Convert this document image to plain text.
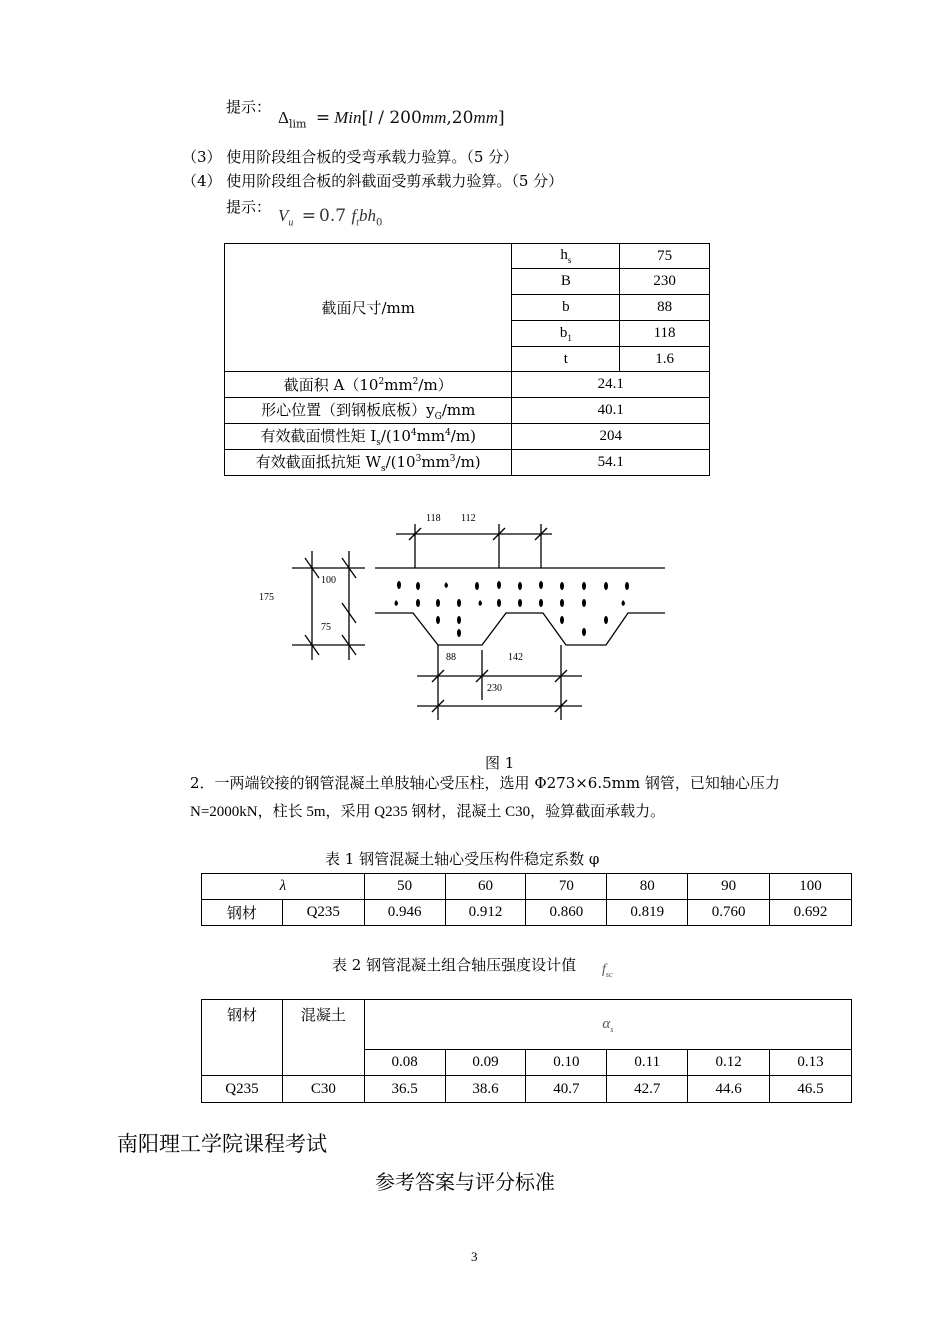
提示：
$\Delta_{lim} = Min[l / 200mm,20mm]$
（3） 使用阶段组合板的受弯承载力验算。（5 分）
（4） 使用阶段组合板的斜截面受剪承载力验算。（5 分）
提示： $V_u = 0.7$ $f_tbh_0$
截面尺寸/mm	$h_s$	75
	B	230
	b	88
	$b_1$	118
	t	1.6
截面积 $A(10^2mm^2/m)$	24.1	
形心位置（到钢板底板）$y_G/mm$	40.1	
有效截面惯性矩 $I_s/(10^4mm^4/m)$	204	
有效截面抵抗矩 $W_s/(10^3mm^3/m)$	54.1	
118 112
100
175
75
88	142
230
图 1
2．一两端铰接的钢管混凝土单肢轴心受压柱，选用 Φ273×6.5mm 钢管，已知轴心压力
N=2000kN，柱长 5m，采用 Q235 钢材，混凝土 C30，验算截面承载力。
表 1 钢管混凝土轴心受压构件稳定系数 φ
λ		50	60	70	80	90	100
钢材	Q235	0.946	0.912	0.860	0.819	0.760	0.692
表 2 钢管混凝土组合轴压强度设计值 $f_{sc}$
钢材	混凝土	$\alpha_s$
		0.08	0.09	0.10	0.11	0.12	0.13
Q235	C30	36.5	38.6	40.7	42.7	44.6	46.5
南阳理工学院课程考试
参考答案与评分标准
3
